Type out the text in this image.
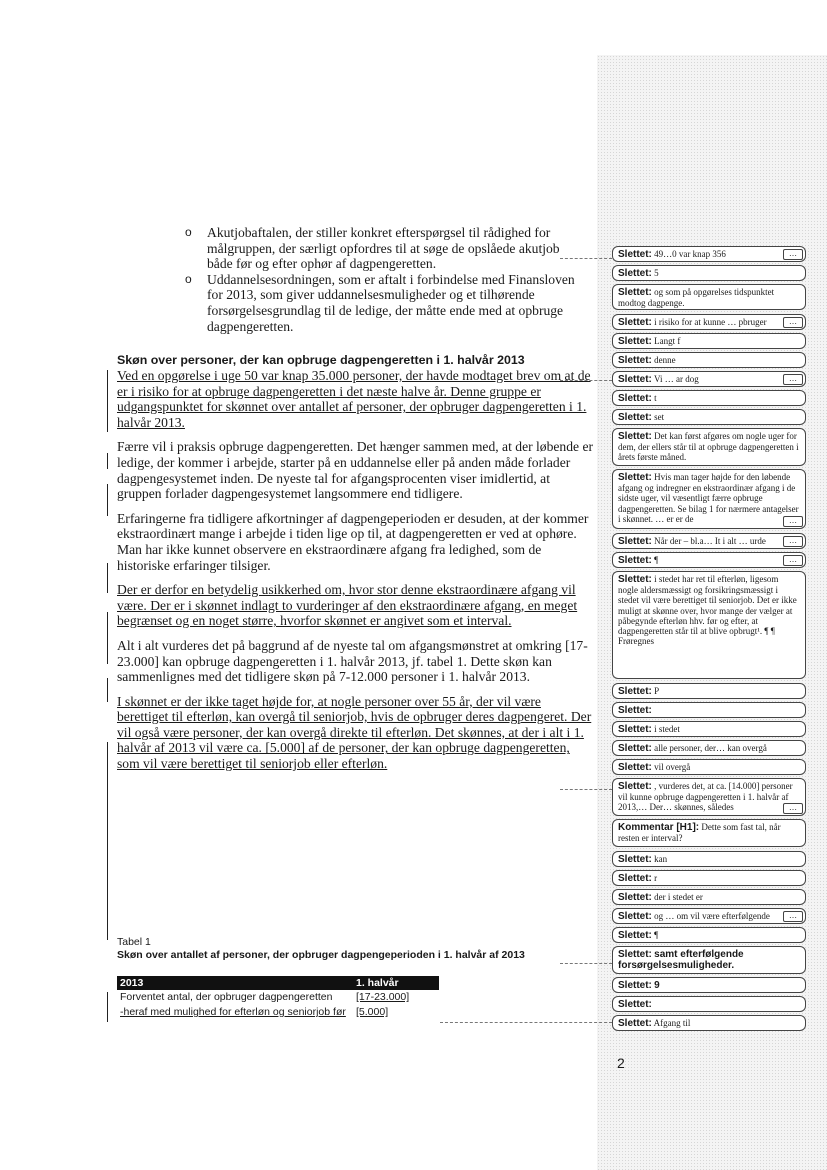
o Akutjobaftalen, der stiller konkret efterspørgsel til rådighed for målgruppen, der særligt opfordres til at søge de opslåede akutjob både før og efter ophør af dagpengeretten.
o Uddannelsesordningen, som er aftalt i forbindelse med Finansloven for 2013, som giver uddannelsesmuligheder og et tilhørende forsørgelsesgrundlag til de ledige, der måtte ende med at opbruge dagpengeretten.
Skøn over personer, der kan opbruge dagpengeretten i 1. halvår 2013

Ved en opgørelse i uge 50 var knap 35.000 personer, der havde modtaget brev om at de er i risiko for at opbruge dagpengeretten i det næste halve år. Denne gruppe er udgangspunktet for skønnet over antallet af personer, der opbruger dagpengeretten i 1. halvår 2013.

Færre vil i praksis opbruge dagpengeretten. Det hænger sammen med, at der løbende er ledige, der kommer i arbejde, starter på en uddannelse eller på anden måde forlader dagpengesystemet inden. De nyeste tal for afgangsprocenten viser imidlertid, at gruppen forlader dagpengesystemet langsommere end tidligere.

Erfaringerne fra tidligere afkortninger af dagpengeperioden er desuden, at der kommer ekstraordinært mange i arbejde i tiden lige op til, at dagpengeretten er ved at ophøre. Man har ikke kunnet observere en ekstraordinære afgang fra ledighed, som de historiske erfaringer tilsiger.

Der er derfor en betydelig usikkerhed om, hvor stor denne ekstraordinære afgang vil være. Der er i skønnet indlagt to vurderinger af den ekstraordinære afgang, en meget begrænset og en noget større, hvorfor skønnet er angivet som et interval.

Alt i alt vurderes det på baggrund af de nyeste tal om afgangsmønstret at omkring [17-23.000] kan opbruge dagpengeretten i 1. halvår 2013, jf. tabel 1. Dette skøn kan sammenlignes med det tidligere skøn på 7-12.000 personer i 1. halvår 2013.

I skønnet er der ikke taget højde for, at nogle personer over 55 år, der vil være berettiget til efterløn, kan overgå til seniorjob, hvis de opbruger deres dagpengeret. Der vil også være personer, der kan overgå direkte til efterløn. Det skønnes, at der i alt i 1. halvår af 2013 vil være ca. [5.000] af de personer, der kan opbruge dagpengeretten, som vil være berettiget til seniorjob eller efterløn.

Tabel 1
Skøn over antallet af personer, der opbruger dagpengeperioden i 1. halvår af 2013
2013	1. halvår
Forventet antal, der opbruger dagpengeretten	[17-23.000]
-heraf med mulighed for efterløn og seniorjob før [5.000]
Slettet: 49…0 var knap 356	…
Slettet: 5
Slettet: og som på opgørelses tidspunktet modtog dagpenge.
Slettet: i risiko for at kunne … pbruger	…
Slettet: Langt f
Slettet: denne
Slettet: Vi … ar dog	…
Slettet: t
Slettet: set
Slettet: Det kan først afgøres om nogle uger for dem, der ellers står til at opbruge dagpengeretten i årets første måned.
Slettet: Hvis man tager højde for den løbende afgang og indregner en ekstraordinær afgang i de sidste uger, vil væsentligt færre opbruge dagpengeretten. Se bilag 1 for nærmere antagelser i skønnet. … er er de	…
Slettet: Når der – bl.a… It i alt … urde	…
Slettet: ¶	…
Slettet: i stedet har ret til efterløn, ligesom nogle aldersmæssigt og forsikringsmæssigt i stedet vil være berettiget til seniorjob. Det er ikke muligt at skønne over, hvor mange der vælger at påbegynde efterløn hhv. før og efter, at dagpengeretten står til at blive opbrugt¹. ¶ ¶ Frøregnes
Slettet: P
Slettet:
Slettet: i stedet
Slettet: alle personer, der… kan overgå
Slettet: vil overgå
Slettet: , vurderes det, at ca. [14.000] personer vil kunne opbruge dagpengeretten i 1. halvår af 2013,… Der… skønnes, således	…
Kommentar [H1]: Dette som fast tal, når resten er interval?
Slettet: kan
Slettet: r
Slettet: der i stedet er
Slettet: og … om vil være efterfølgende	…
Slettet: ¶
Slettet: samt efterfølgende forsørgelsesmuligheder.
Slettet: 9
Slettet:
Slettet: Afgang til
2
